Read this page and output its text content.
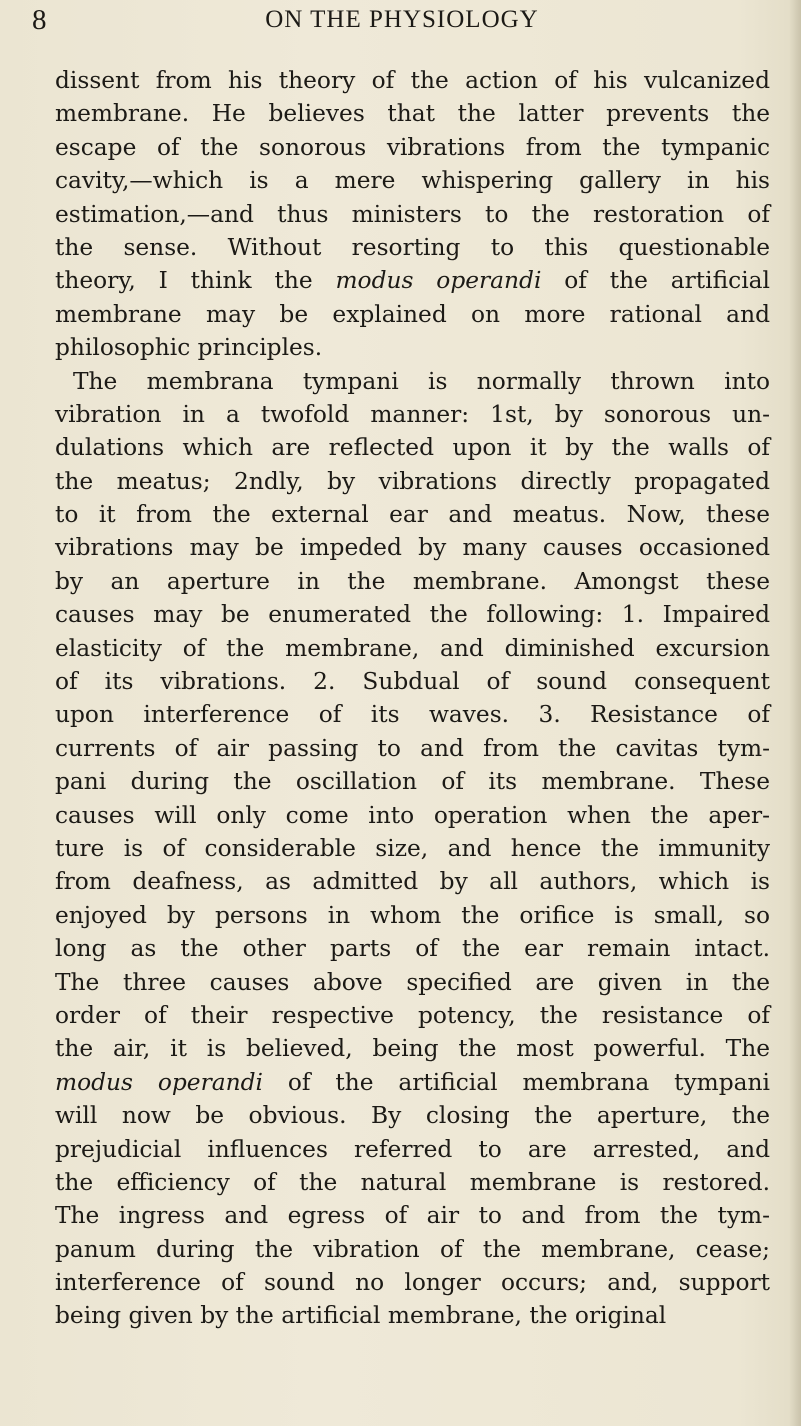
8	ON THE PHYSIOLOGY
dissent from his theory of the action of his vulcanized
membrane. He believes that the latter prevents the
escape of the sonorous vibrations from the tympanic
cavity,—which is a mere whispering gallery in his
estimation,—and thus ministers to the restoration of
the sense. Without resorting to this questionable
theory, I think the modus operandi of the artificial
membrane may be explained on more rational and
philosophic principles.
The membrana tympani is normally thrown into
vibration in a twofold manner: 1st, by sonorous un-
dulations which are reflected upon it by the walls of
the meatus; 2ndly, by vibrations directly propagated
to it from the external ear and meatus. Now, these
vibrations may be impeded by many causes occasioned
by an aperture in the membrane. Amongst these
causes may be enumerated the following: 1. Impaired
elasticity of the membrane, and diminished excursion
of its vibrations. 2. Subdual of sound consequent
upon interference of its waves. 3. Resistance of
currents of air passing to and from the cavitas tym-
pani during the oscillation of its membrane. These
causes will only come into operation when the aper-
ture is of considerable size, and hence the immunity
from deafness, as admitted by all authors, which is
enjoyed by persons in whom the orifice is small, so
long as the other parts of the ear remain intact.
The three causes above specified are given in the
order of their respective potency, the resistance of
the air, it is believed, being the most powerful. The
modus operandi of the artificial membrana tympani
will now be obvious. By closing the aperture, the
prejudicial influences referred to are arrested, and
the efficiency of the natural membrane is restored.
The ingress and egress of air to and from the tym-
panum during the vibration of the membrane, cease;
interference of sound no longer occurs; and, support
being given by the artificial membrane, the original
